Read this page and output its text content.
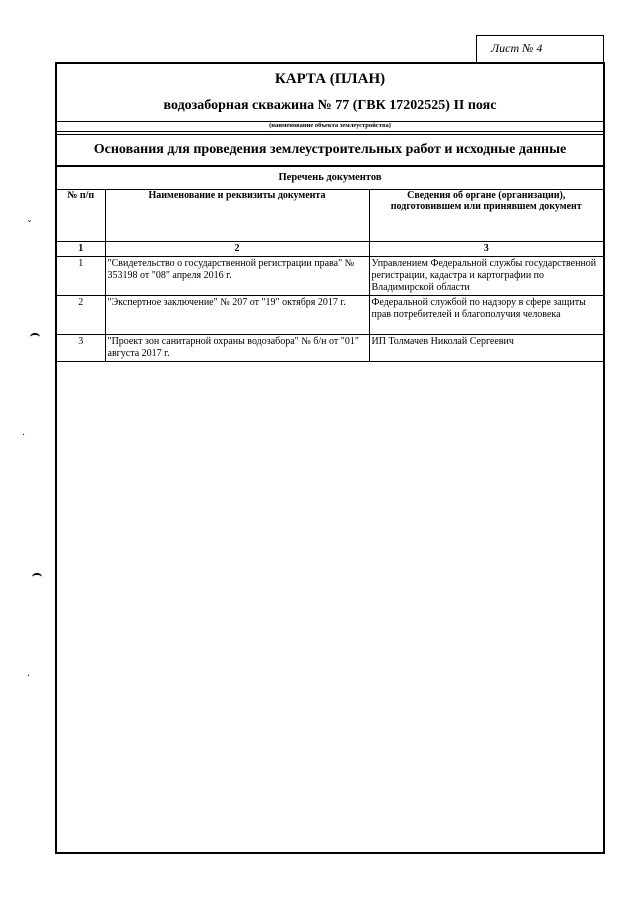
Лист № 4
КАРТА (ПЛАН)
водозаборная скважина № 77 (ГВК 17202525) II пояс
(наименование объекта землеустройства)
Основания для проведения землеустроительных работ и исходные данные
Перечень документов
№ п/п	Наименование и реквизиты документа	Сведения об органе (организации), подготовившем или принявшем документ
1	2	3
1	"Свидетельство о государственной регистрации права" № 353198 от "08" апреля 2016 г.	Управлением Федеральной службы государственной регистрации, кадастра и картографии по Владимирской области
2	"Экспертное заключение" № 207 от "19" октября 2017 г.	Федеральной службой по надзору в сфере защиты прав потребителей и благополучия человека
3	"Проект зон санитарной охраны водозабора" № б/н от "01" августа 2017 г.	ИП Толмачев Николай Сергеевич
ˇ
·
·
